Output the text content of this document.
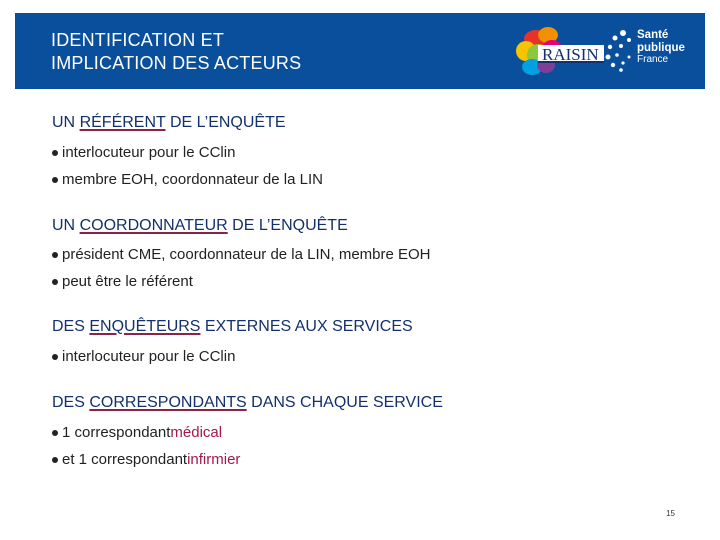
IDENTIFICATION ET
IMPLICATION DES ACTEURS	RAISIN
Santé
publique
France
UN RÉFÉRENT DE L’ENQUÊTE
interlocuteur pour le CClin
membre EOH, coordonnateur de la LIN
UN COORDONNATEUR DE L’ENQUÊTE
président CME, coordonnateur de la LIN, membre EOH
peut être le référent
DES ENQUÊTEURS EXTERNES AUX SERVICES
interlocuteur pour le CClin
DES CORRESPONDANTS DANS CHAQUE SERVICE
1 correspondant médical
et 1 correspondant infirmier
15
